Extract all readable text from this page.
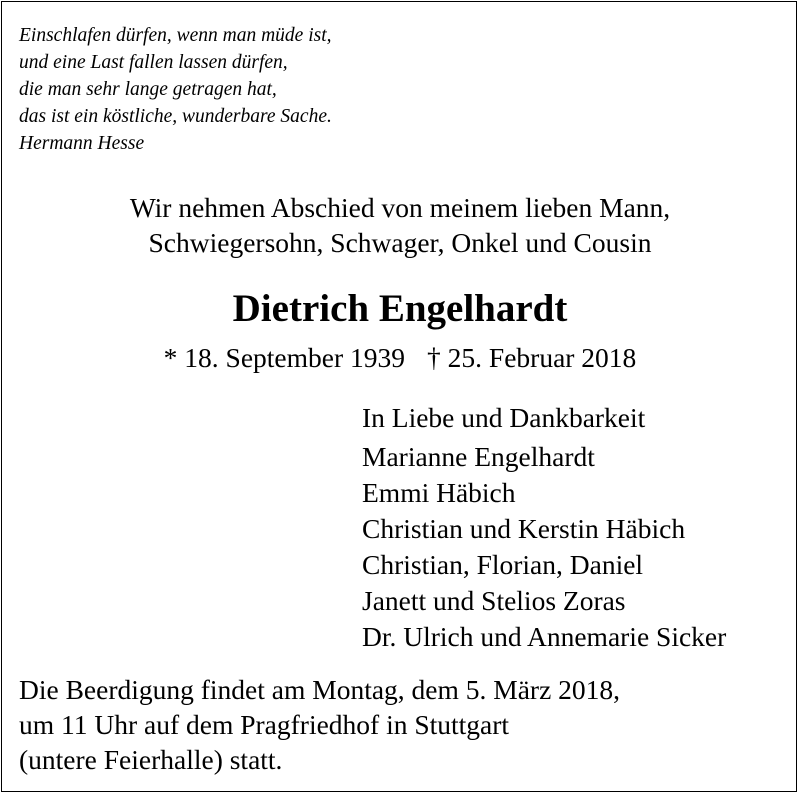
Einschlafen dürfen, wenn man müde ist,
und eine Last fallen lassen dürfen,
die man sehr lange getragen hat,
das ist ein köstliche, wunderbare Sache.
Hermann Hesse
Wir nehmen Abschied von meinem lieben Mann,
Schwiegersohn, Schwager, Onkel und Cousin
Dietrich Engelhardt
* 18. September 1939 † 25. Februar 2018
In Liebe und Dankbarkeit
Marianne Engelhardt
Emmi Häbich
Christian und Kerstin Häbich
Christian, Florian, Daniel
Janett und Stelios Zoras
Dr. Ulrich und Annemarie Sicker
Die Beerdigung findet am Montag, dem 5. März 2018,
um 11 Uhr auf dem Pragfriedhof in Stuttgart
(untere Feierhalle) statt.
